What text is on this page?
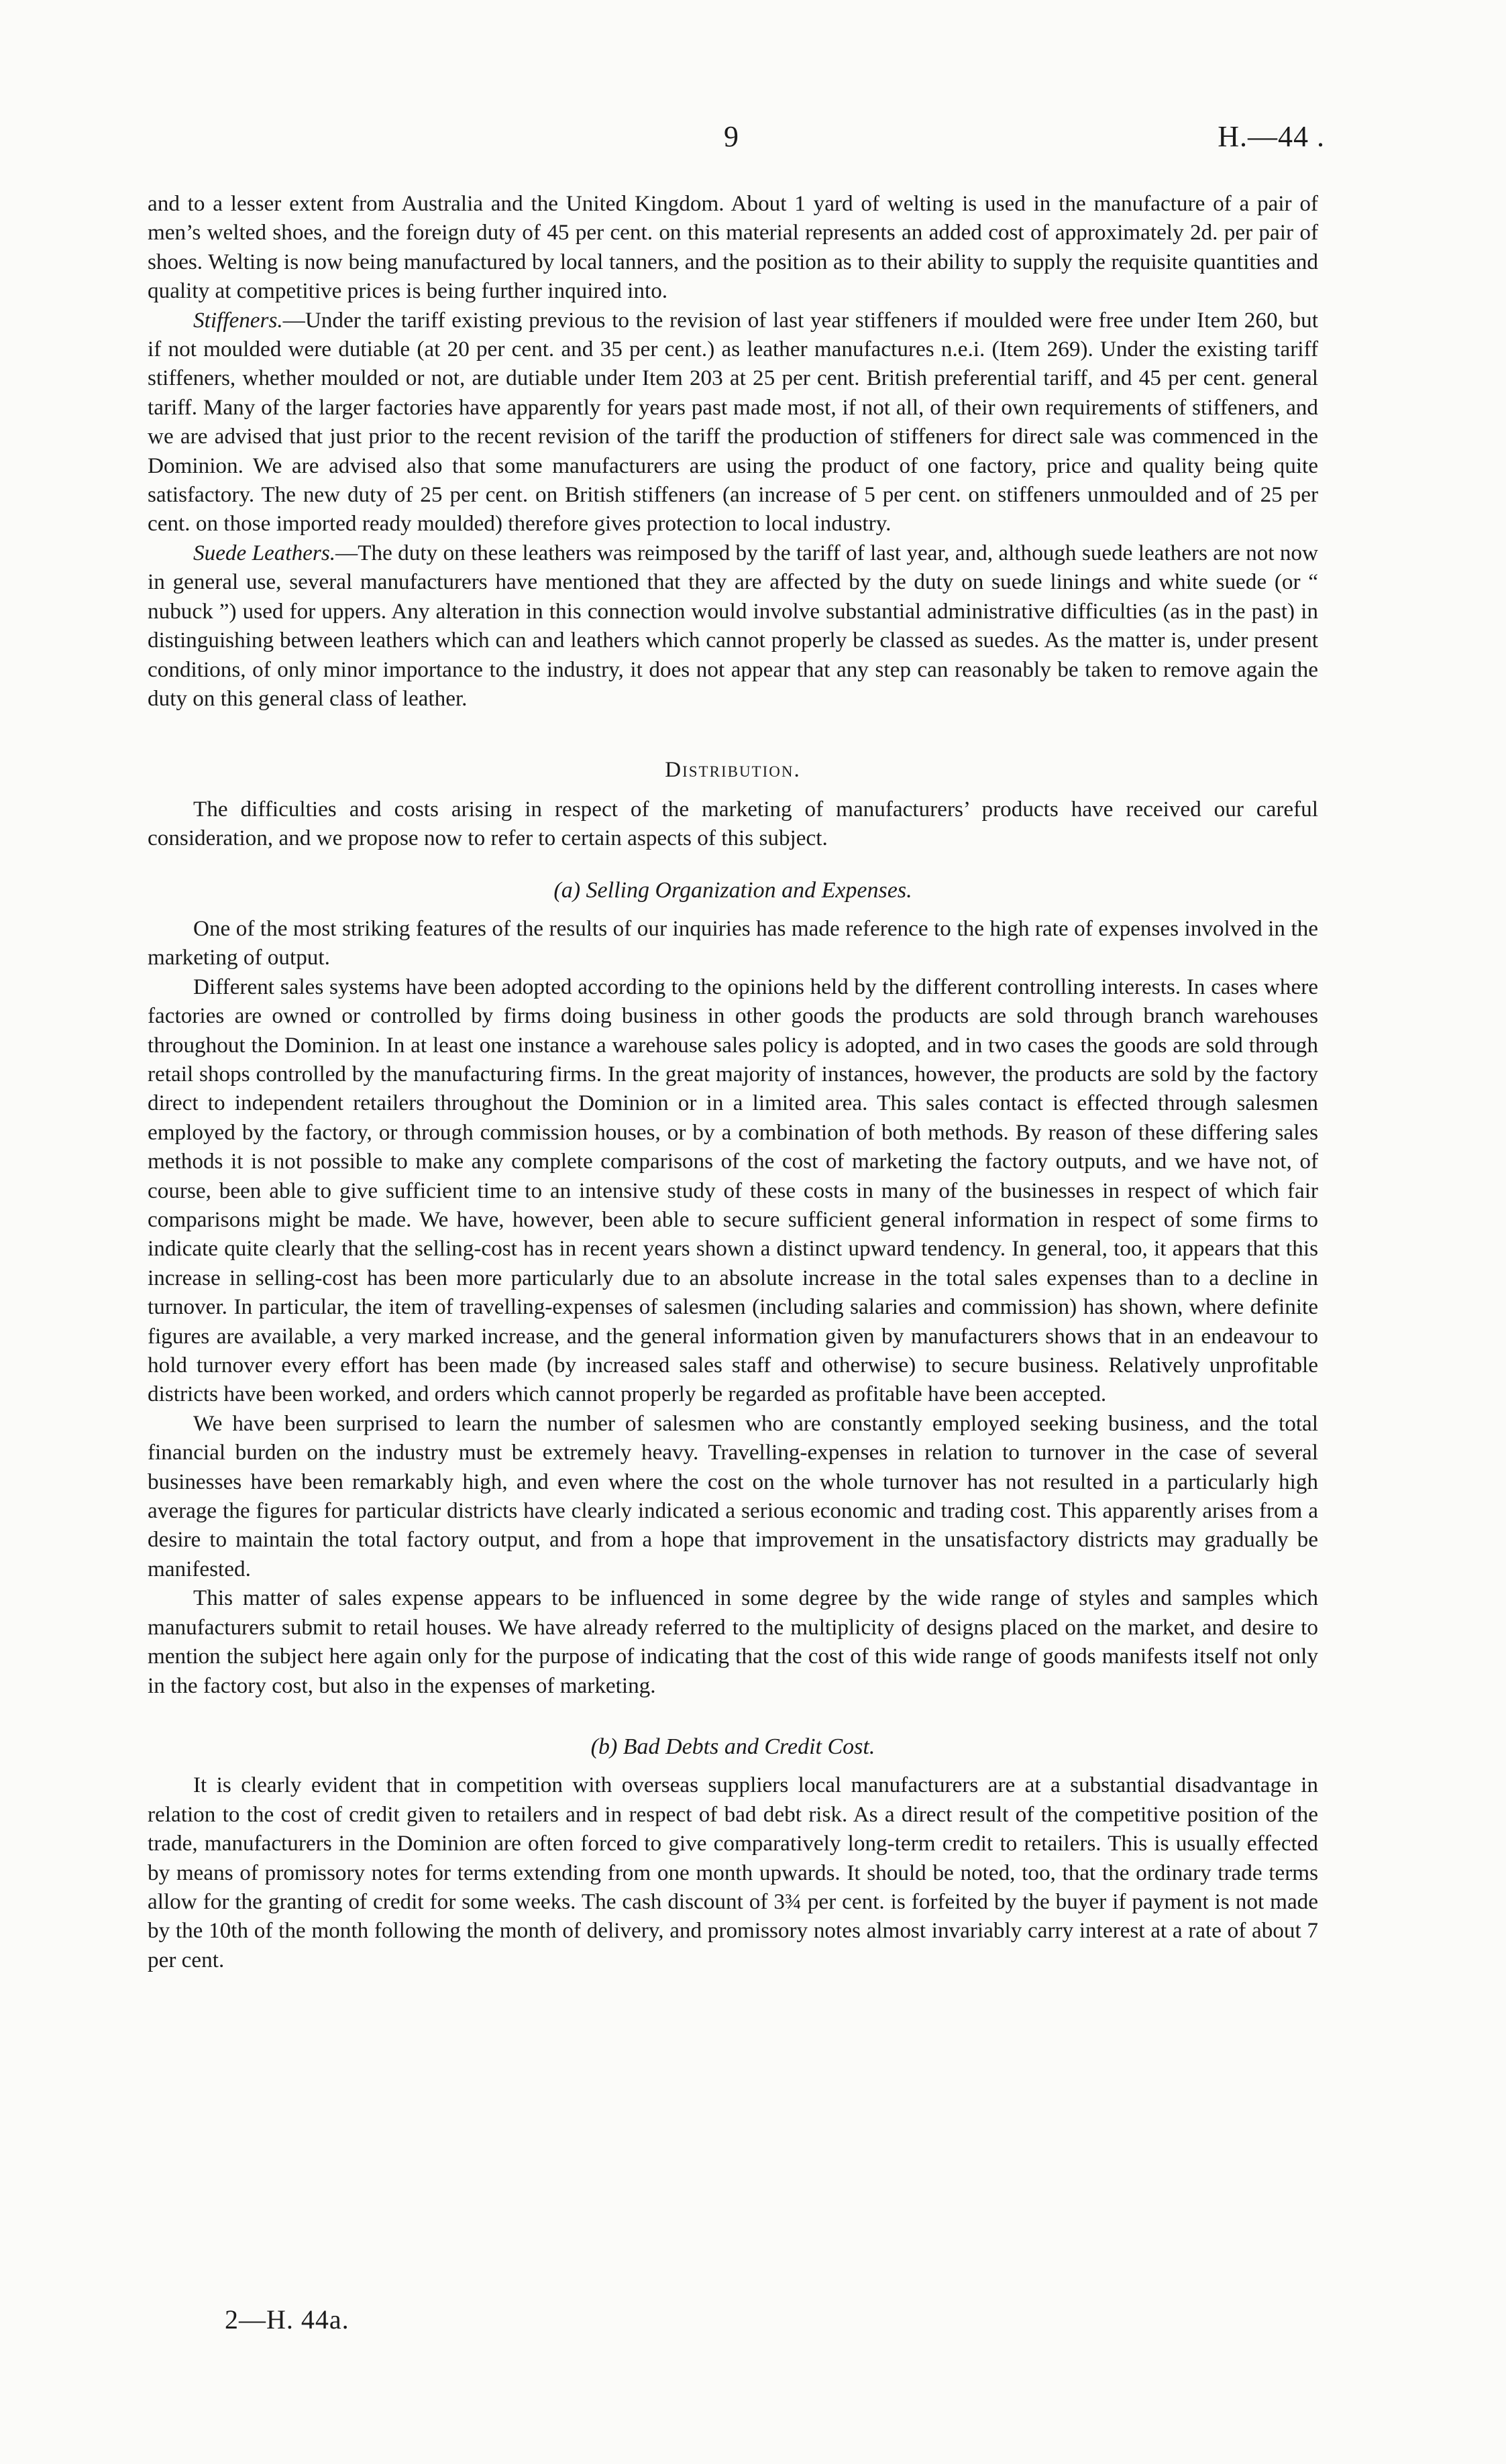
9	H.—44 .

and to a lesser extent from Australia and the United Kingdom. About 1 yard of welting is used in the manufacture of a pair of men’s welted shoes, and the foreign duty of 45 per cent. on this material represents an added cost of approximately 2d. per pair of shoes. Welting is now being manufactured by local tanners, and the position as to their ability to supply the requisite quantities and quality at competitive prices is being further inquired into.

Stiffeners.—Under the tariff existing previous to the revision of last year stiffeners if moulded were free under Item 260, but if not moulded were dutiable (at 20 per cent. and 35 per cent.) as leather manufactures n.e.i. (Item 269). Under the existing tariff stiffeners, whether moulded or not, are dutiable under Item 203 at 25 per cent. British preferential tariff, and 45 per cent. general tariff. Many of the larger factories have apparently for years past made most, if not all, of their own requirements of stiffeners, and we are advised that just prior to the recent revision of the tariff the production of stiffeners for direct sale was commenced in the Dominion. We are advised also that some manufacturers are using the product of one factory, price and quality being quite satisfactory. The new duty of 25 per cent. on British stiffeners (an increase of 5 per cent. on stiffeners unmoulded and of 25 per cent. on those imported ready moulded) therefore gives protection to local industry.

Suede Leathers.—The duty on these leathers was reimposed by the tariff of last year, and, although suede leathers are not now in general use, several manufacturers have mentioned that they are affected by the duty on suede linings and white suede (or “ nubuck ”) used for uppers. Any alteration in this connection would involve substantial administrative difficulties (as in the past) in distinguishing between leathers which can and leathers which cannot properly be classed as suedes. As the matter is, under present conditions, of only minor importance to the industry, it does not appear that any step can reasonably be taken to remove again the duty on this general class of leather.

Distribution.

The difficulties and costs arising in respect of the marketing of manufacturers’ products have received our careful consideration, and we propose now to refer to certain aspects of this subject.

(a) Selling Organization and Expenses.

One of the most striking features of the results of our inquiries has made reference to the high rate of expenses involved in the marketing of output.

Different sales systems have been adopted according to the opinions held by the different controlling interests. In cases where factories are owned or controlled by firms doing business in other goods the products are sold through branch warehouses throughout the Dominion. In at least one instance a warehouse sales policy is adopted, and in two cases the goods are sold through retail shops controlled by the manufacturing firms. In the great majority of instances, however, the products are sold by the factory direct to independent retailers throughout the Dominion or in a limited area. This sales contact is effected through salesmen employed by the factory, or through commission houses, or by a combination of both methods. By reason of these differing sales methods it is not possible to make any complete comparisons of the cost of marketing the factory outputs, and we have not, of course, been able to give sufficient time to an intensive study of these costs in many of the businesses in respect of which fair comparisons might be made. We have, however, been able to secure sufficient general information in respect of some firms to indicate quite clearly that the selling-cost has in recent years shown a distinct upward tendency. In general, too, it appears that this increase in selling-cost has been more particularly due to an absolute increase in the total sales expenses than to a decline in turnover. In particular, the item of travelling-expenses of salesmen (including salaries and commission) has shown, where definite figures are available, a very marked increase, and the general information given by manufacturers shows that in an endeavour to hold turnover every effort has been made (by increased sales staff and otherwise) to secure business. Relatively unprofitable districts have been worked, and orders which cannot properly be regarded as profitable have been accepted.

We have been surprised to learn the number of salesmen who are constantly employed seeking business, and the total financial burden on the industry must be extremely heavy. Travelling-expenses in relation to turnover in the case of several businesses have been remarkably high, and even where the cost on the whole turnover has not resulted in a particularly high average the figures for particular districts have clearly indicated a serious economic and trading cost. This apparently arises from a desire to maintain the total factory output, and from a hope that improvement in the unsatisfactory districts may gradually be manifested.

This matter of sales expense appears to be influenced in some degree by the wide range of styles and samples which manufacturers submit to retail houses. We have already referred to the multiplicity of designs placed on the market, and desire to mention the subject here again only for the purpose of indicating that the cost of this wide range of goods manifests itself not only in the factory cost, but also in the expenses of marketing.

(b) Bad Debts and Credit Cost.

It is clearly evident that in competition with overseas suppliers local manufacturers are at a substantial disadvantage in relation to the cost of credit given to retailers and in respect of bad debt risk. As a direct result of the competitive position of the trade, manufacturers in the Dominion are often forced to give comparatively long-term credit to retailers. This is usually effected by means of promissory notes for terms extending from one month upwards. It should be noted, too, that the ordinary trade terms allow for the granting of credit for some weeks. The cash discount of 3¾ per cent. is forfeited by the buyer if payment is not made by the 10th of the month following the month of delivery, and promissory notes almost invariably carry interest at a rate of about 7 per cent.

2—H. 44a.
